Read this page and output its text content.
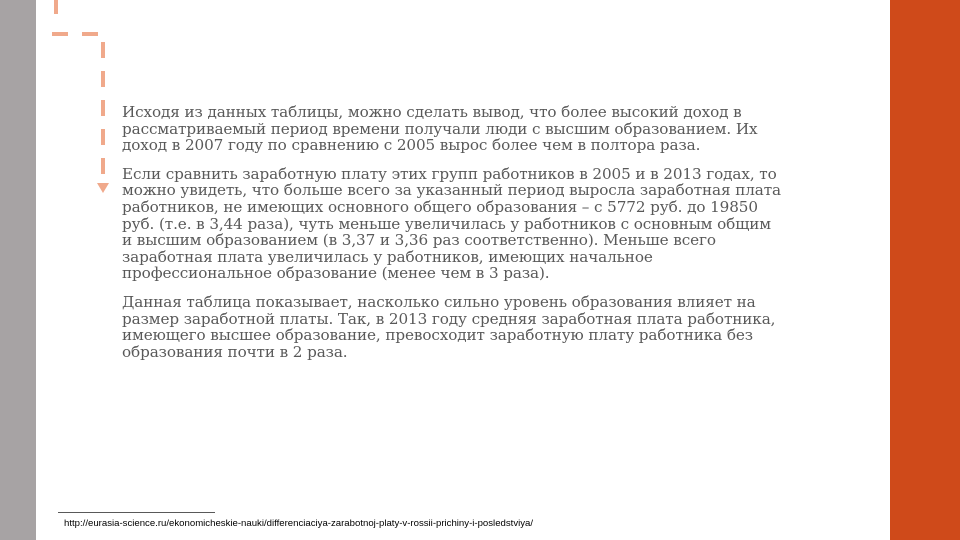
Исходя из данных таблицы, можно сделать вывод, что более высокий доход в рассматриваемый период времени получали люди с высшим образованием. Их доход в 2007 году по сравнению с 2005 вырос более чем в полтора раза.

Если сравнить заработную плату этих групп работников в 2005 и в 2013 годах, то можно увидеть, что больше всего за указанный период выросла заработная плата работников, не имеющих основного общего образования – с 5772 руб. до 19850 руб. (т.е. в 3,44 раза), чуть меньше увеличилась у работников с основным общим и высшим образованием (в 3,37 и 3,36 раз соответственно). Меньше всего заработная плата увеличилась у работников, имеющих начальное профессиональное образование (менее чем в 3 раза).

Данная таблица показывает, насколько сильно уровень образования влияет на размер заработной платы. Так, в 2013 году средняя заработная плата работника, имеющего высшее образование, превосходит заработную плату работника без образования почти в 2 раза.

http://eurasia-science.ru/ekonomicheskie-nauki/differenciaciya-zarabotnoj-platy-v-rossii-prichiny-i-posledstviya/
